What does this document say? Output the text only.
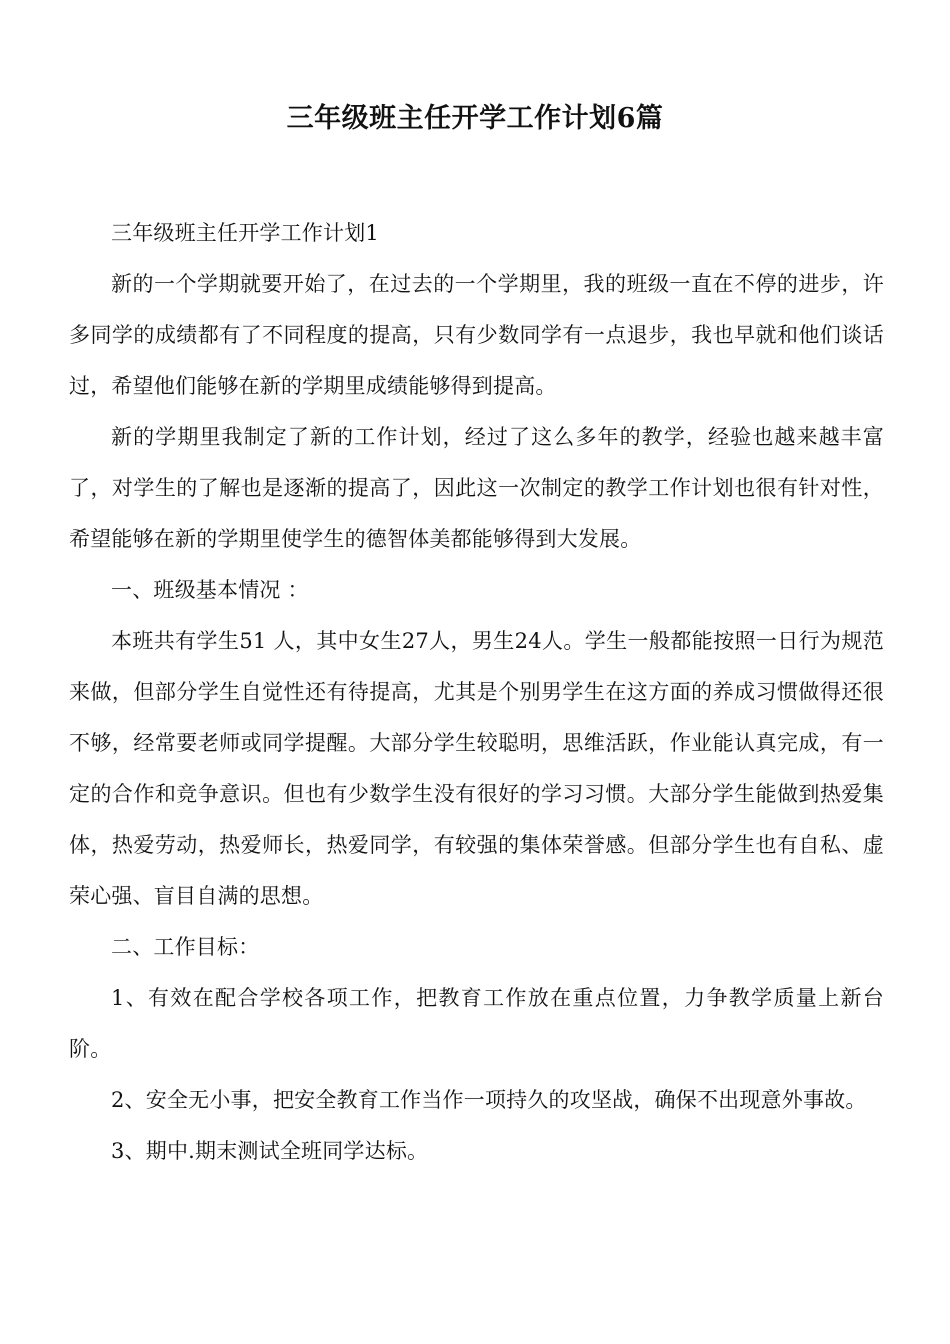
三年级班主任开学工作计划6篇

三年级班主任开学工作计划1

新的一个学期就要开始了，在过去的一个学期里，我的班级一直在不停的进步，许多同学的成绩都有了不同程度的提高，只有少数同学有一点退步，我也早就和他们谈话过，希望他们能够在新的学期里成绩能够得到提高。

新的学期里我制定了新的工作计划，经过了这么多年的教学，经验也越来越丰富了，对学生的了解也是逐渐的提高了，因此这一次制定的教学工作计划也很有针对性，希望能够在新的学期里使学生的德智体美都能够得到大发展。

一、班级基本情况 ：

本班共有学生51 人，其中女生27人，男生24人。学生一般都能按照一日行为规范来做，但部分学生自觉性还有待提高，尤其是个别男学生在这方面的养成习惯做得还很不够，经常要老师或同学提醒。大部分学生较聪明，思维活跃，作业能认真完成，有一定的合作和竞争意识。但也有少数学生没有很好的学习习惯。大部分学生能做到热爱集体，热爱劳动，热爱师长，热爱同学，有较强的集体荣誉感。但部分学生也有自私、虚荣心强、盲目自满的思想。

二、工作目标：

1、有效在配合学校各项工作，把教育工作放在重点位置，力争教学质量上新台阶。

2、安全无小事，把安全教育工作当作一项持久的攻坚战，确保不出现意外事故。

3、期中.期末测试全班同学达标。
